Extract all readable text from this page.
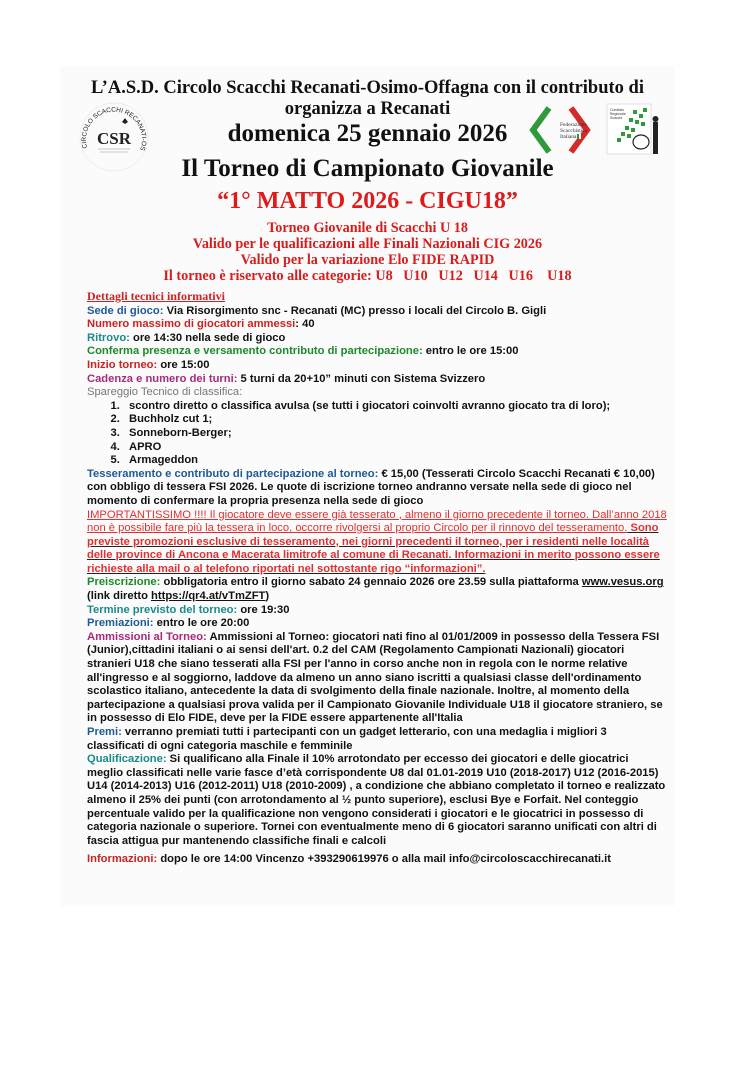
CIRCOLO SCACCHI RECANATI-OS
CSR
Federazione
Scacchistica
Italiana
Comitato
Regionale
Scacchi
L’A.S.D. Circolo Scacchi Recanati-Osimo-Offagna con il contributo di
organizza a Recanati
domenica 25 gennaio 2026
Il Torneo di Campionato Giovanile
“1° MATTO 2026 - CIGU18”
Torneo Giovanile di Scacchi U 18
Valido per le qualificazioni alle Finali Nazionali CIG 2026
Valido per la variazione Elo FIDE RAPID
Il torneo è riservato alle categorie: U8   U10   U12   U14   U16    U18

Dettagli tecnici informativi

Sede di gioco: Via Risorgimento snc - Recanati (MC) presso i locali del Circolo B. Gigli

Numero massimo di giocatori ammessi: 40

Ritrovo: ore 14:30 nella sede di gioco

Conferma presenza e versamento contributo di partecipazione: entro le ore 15:00

Inizio torneo: ore 15:00

Cadenza e numero dei turni: 5 turni da 20+10” minuti con Sistema Svizzero

Spareggio Tecnico di classifica:

1. scontro diretto o classifica avulsa (se tutti i giocatori coinvolti avranno giocato tra di loro);
2. Buchholz cut 1;
3. Sonneborn-Berger;
4. APRO
5. Armageddon

Tesseramento e contributo di partecipazione al torneo: € 15,00 (Tesserati Circolo Scacchi Recanati € 10,00) con obbligo di tessera FSI 2026. Le quote di iscrizione torneo andranno versate nella sede di gioco nel momento di confermare la propria presenza nella sede di gioco

IMPORTANTISSIMO !!!! Il giocatore deve essere già tesserato , almeno il giorno precedente il torneo. Dall’anno 2018 non è possibile fare più la tessera in loco, occorre rivolgersi al proprio Circolo per il rinnovo del tesseramento. Sono previste promozioni esclusive di tesseramento, nei giorni precedenti il torneo, per i residenti nelle località delle province di Ancona e Macerata limitrofe al comune di Recanati. Informazioni in merito possono essere richieste alla mail o al telefono riportati nel sottostante rigo “informazioni”.

Preiscrizione: obbligatoria entro il giorno sabato 24 gennaio 2026 ore 23.59 sulla piattaforma www.vesus.org (link diretto https://qr4.at/vTmZFT)

Termine previsto del torneo: ore 19:30

Premiazioni: entro le ore 20:00

Ammissioni al Torneo: Ammissioni al Torneo: giocatori nati fino al 01/01/2009 in possesso della Tessera FSI (Junior),cittadini italiani o ai sensi dell'art. 0.2 del CAM (Regolamento Campionati Nazionali) giocatori stranieri U18 che siano tesserati alla FSI per l'anno in corso anche non in regola con le norme relative all'ingresso e al soggiorno, laddove da almeno un anno siano iscritti a qualsiasi classe dell'ordinamento scolastico italiano, antecedente la data di svolgimento della finale nazionale. Inoltre, al momento della partecipazione a qualsiasi prova valida per il Campionato Giovanile Individuale U18 il giocatore straniero, se in possesso di Elo FIDE, deve per la FIDE essere appartenente all'Italia

Premi: verranno premiati tutti i partecipanti con un gadget letterario, con una medaglia i migliori 3 classificati di ogni categoria maschile e femminile

Qualificazione: Si qualificano alla Finale il 10% arrotondato per eccesso dei giocatori e delle giocatrici meglio classificati nelle varie fasce d’età corrispondente U8 dal 01.01-2019 U10 (2018-2017) U12 (2016-2015) U14 (2014-2013) U16 (2012-2011) U18 (2010-2009) , a condizione che abbiano completato il torneo e realizzato almeno il 25% dei punti (con arrotondamento al ½ punto superiore), esclusi Bye e Forfait. Nel conteggio percentuale valido per la qualificazione non vengono considerati i giocatori e le giocatrici in possesso di categoria nazionale o superiore. Tornei con eventualmente meno di 6 giocatori saranno unificati con altri di fascia attigua pur mantenendo classifiche finali e calcoli

Informazioni: dopo le ore 14:00 Vincenzo +393290619976 o alla mail info@circoloscacchirecanati.it
